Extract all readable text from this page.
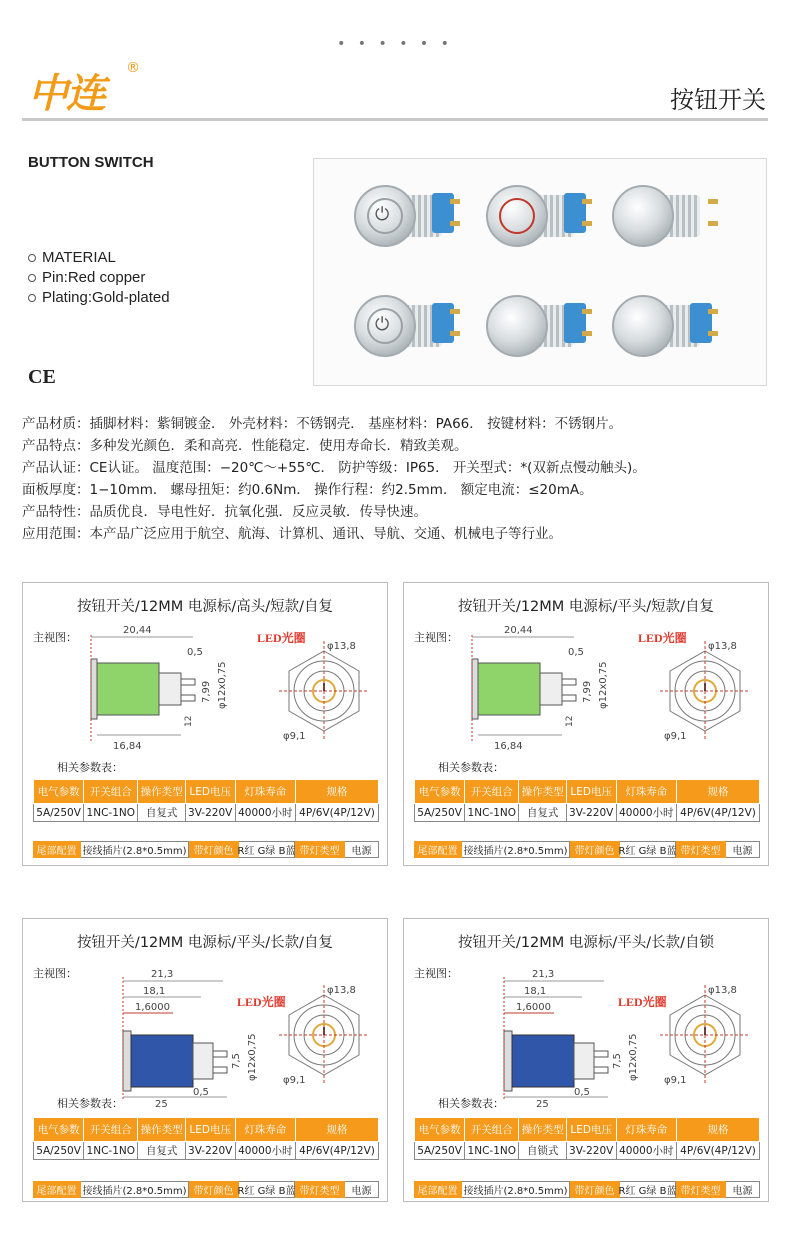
• • • • • •
中连
®
按钮开关
BUTTON SWITCH
MATERIAL
Pin:Red copper
Plating:Gold-plated
CE
⏻
⏻
产品材质：插脚材料：紫铜镀金． 外壳材料：不锈钢壳． 基座材料：PA66． 按键材料：不锈钢片。
产品特点：多种发光颜色．柔和高亮．性能稳定．使用寿命长．精致美观。
产品认证：CE认证。 温度范围：−20℃～+55℃． 防护等级：IP65． 开关型式：*(双新点慢动触头)。
面板厚度：1−10mm． 螺母扭矩：约0.6Nm． 操作行程：约2.5mm． 额定电流：≤20mA。
产品特性：品质优良．导电性好．抗氧化强．反应灵敏．传导快速。
应用范围：本产品广泛应用于航空、航海、计算机、通讯、导航、交通、机械电子等行业。
按钮开关/12MM 电源标/高头/短款/自复
主视图：	LED光圈
20,44
0,5
7,99 φ12x0,75
16,84
12
φ13,8
φ9,1
相关参数表：
电气参数	开关组合	操作类型	LED电压	灯珠寿命	规格
5A/250V	1NC-1NO	自复式	3V-220V	40000小时	4P/6V(4P/12V)
尾部配置 接线插片(2.8*0.5mm) 带灯颜色 R红 G绿 B蓝 带灯类型	电源
按钮开关/12MM 电源标/平头/短款/自复
主视图：	LED光圈
20,44
0,5
7,99 φ12x0,75
16,84
12
φ13,8
φ9,1
相关参数表：
电气参数	开关组合	操作类型	LED电压	灯珠寿命	规格
5A/250V	1NC-1NO	自复式	3V-220V	40000小时	4P/6V(4P/12V)
尾部配置 接线插片(2.8*0.5mm) 带灯颜色 R红 G绿 B蓝 带灯类型	电源
按钮开关/12MM 电源标/平头/长款/自复
主视图：
LED光圈
21,3
18,1
1,6000
7,5 φ12x0,75
0,5
25
φ13,8
φ9,1
相关参数表：
电气参数	开关组合	操作类型	LED电压	灯珠寿命	规格
5A/250V	1NC-1NO	自复式	3V-220V	40000小时	4P/6V(4P/12V)
尾部配置 接线插片(2.8*0.5mm) 带灯颜色 R红 G绿 B蓝 带灯类型	电源
按钮开关/12MM 电源标/平头/长款/自锁
主视图：
LED光圈
21,3
18,1
1,6000
7,5 φ12x0,75
0,5
25
φ13,8
φ9,1
相关参数表：
电气参数	开关组合	操作类型	LED电压	灯珠寿命	规格
5A/250V	1NC-1NO	自锁式	3V-220V	40000小时	4P/6V(4P/12V)
尾部配置 接线插片(2.8*0.5mm) 带灯颜色 R红 G绿 B蓝 带灯类型	电源
